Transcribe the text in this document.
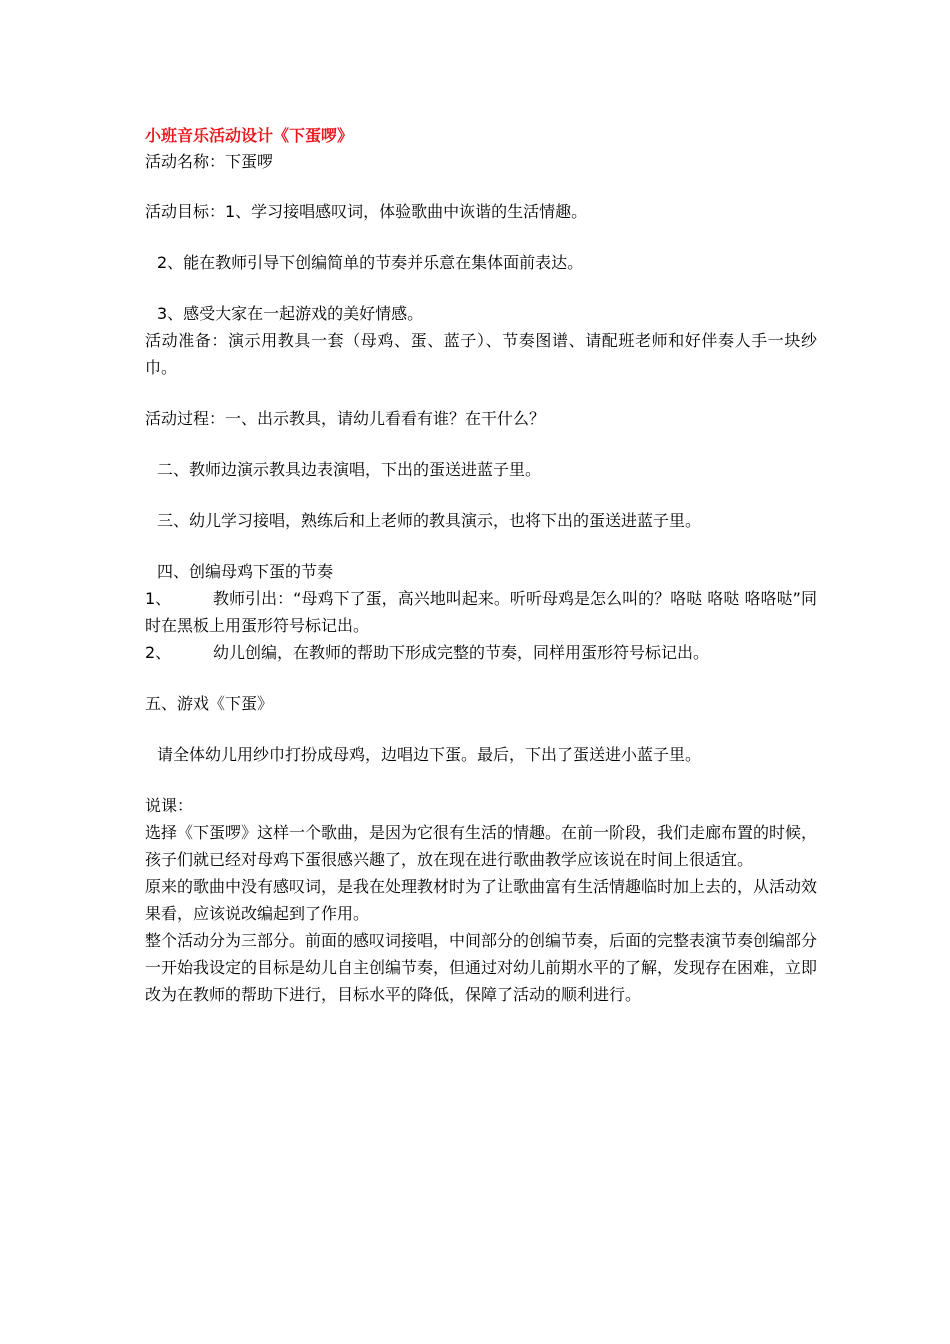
小班音乐活动设计《下蛋啰》

活动名称：下蛋啰

活动目标：1、学习接唱感叹词，体验歌曲中诙谐的生活情趣。

2、能在教师引导下创编简单的节奏并乐意在集体面前表达。

3、感受大家在一起游戏的美好情感。

活动准备：演示用教具一套（母鸡、蛋、蓝子）、节奏图谱、请配班老师和好伴奏人手一块纱巾。

活动过程：一、出示教具，请幼儿看看有谁？在干什么？

二、教师边演示教具边表演唱，下出的蛋送进蓝子里。

三、幼儿学习接唱，熟练后和上老师的教具演示，也将下出的蛋送进蓝子里。

四、创编母鸡下蛋的节奏

1、	教师引出：“母鸡下了蛋，高兴地叫起来。听听母鸡是怎么叫的？咯哒 咯哒 咯咯哒”同时在黑板上用蛋形符号标记出。

2、	幼儿创编，在教师的帮助下形成完整的节奏，同样用蛋形符号标记出。

五、游戏《下蛋》

请全体幼儿用纱巾打扮成母鸡，边唱边下蛋。最后，下出了蛋送进小蓝子里。

说课：

选择《下蛋啰》这样一个歌曲，是因为它很有生活的情趣。在前一阶段，我们走廊布置的时候，孩子们就已经对母鸡下蛋很感兴趣了，放在现在进行歌曲教学应该说在时间上很适宜。

原来的歌曲中没有感叹词，是我在处理教材时为了让歌曲富有生活情趣临时加上去的，从活动效果看，应该说改编起到了作用。

整个活动分为三部分。前面的感叹词接唱，中间部分的创编节奏，后面的完整表演节奏创编部分一开始我设定的目标是幼儿自主创编节奏，但通过对幼儿前期水平的了解，发现存在困难，立即改为在教师的帮助下进行，目标水平的降低，保障了活动的顺利进行。
